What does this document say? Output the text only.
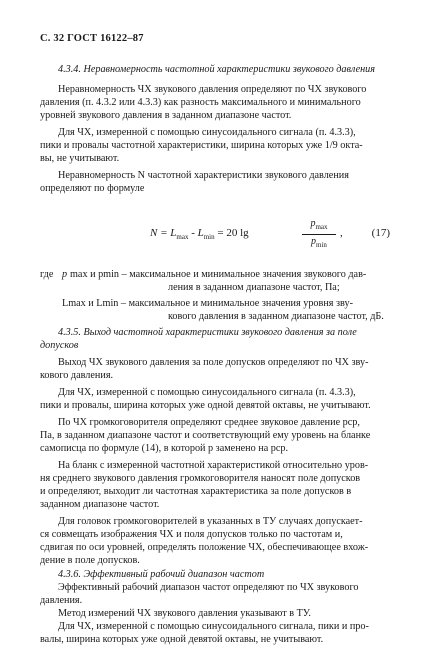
С. 32 ГОСТ 16122–87
4.3.4. Неравномерность частотной характеристики звукового давления
Неравномерность ЧХ звукового давления определяют по ЧХ звукового
давления (п. 4.3.2 или 4.3.3) как разность максимального и минимального
уровней звукового давления в заданном диапазоне частот.
Для ЧХ, измеренной с помощью синусоидального сигнала (п. 4.3.3),
пики и провалы частотной характеристики, ширина которых уже 1/9 окта-
вы, не учитывают.
Неравномерность N частотной характеристики звукового давления
определяют по формуле
$N = L_{max} - L_{min} = 20$ lg
$p_{max}$
$p_{min}$
,	(17)
где p max и pmin – максимальное и минимальное значения звукового дав-
ления в заданном диапазоне частот, Па;
Lmax и Lmin – максимальное и минимальное значения уровня зву-
кового давления в заданном диапазоне частот, дБ.
4.3.5. Выход частотной характеристики звукового давления за поле
допусков
Выход ЧХ звукового давления за поле допусков определяют по ЧХ зву-
кового давления.
Для ЧХ, измеренной с помощью синусоидального сигнала (п. 4.3.3),
пики и провалы, ширина которых уже одной девятой октавы, не учитывают.
По ЧХ громкоговорителя определяют среднее звуковое давление pср,
Па, в заданном диапазоне частот и соответствующий ему уровень на бланке
самописца по формуле (14), в которой p заменено на pср.
На бланк с измеренной частотной характеристикой относительно уров-
ня среднего звукового давления громкоговорителя наносят поле допусков
и определяют, выходит ли частотная характеристика за поле допусков в
заданном диапазоне частот.
Для головок громкоговорителей в указанных в ТУ случаях допускает-
ся совмещать изображения ЧХ и поля допусков только по частотам и,
сдвигая по оси уровней, определять положение ЧХ, обеспечивающее вхож-
дение в поле допусков.
4.3.6. Эффективный рабочий диапазон частот
Эффективный рабочий диапазон частот определяют по ЧХ звукового
давления.
Метод измерений ЧХ звукового давления указывают в ТУ.
Для ЧХ, измеренной с помощью синусоидального сигнала, пики и про-
валы, ширина которых уже одной девятой октавы, не учитывают.
